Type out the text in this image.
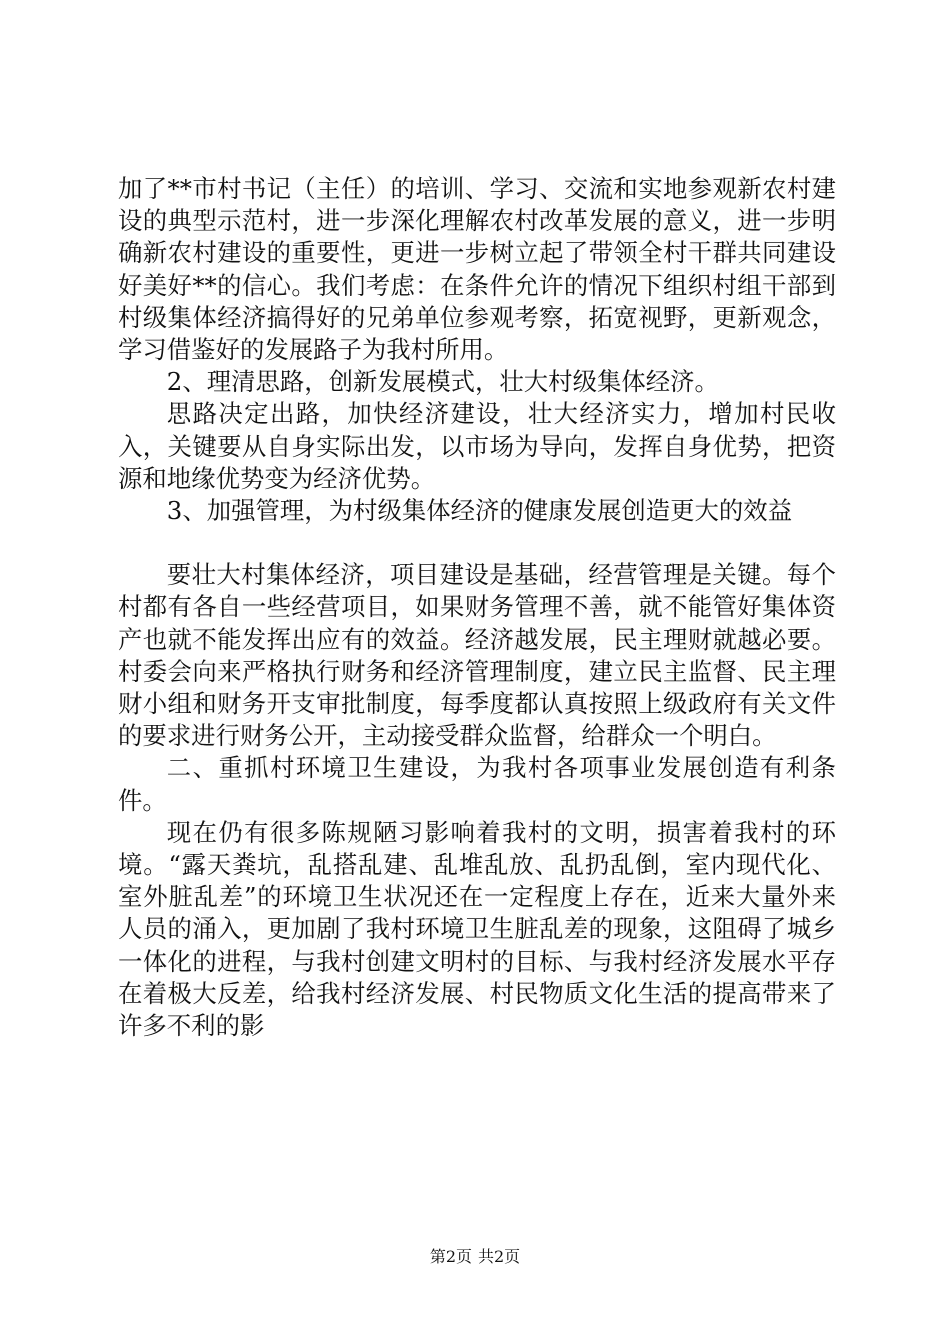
加了**市村书记（主任）的培训、学习、交流和实地参观新农村建设的典型示范村，进一步深化理解农村改革发展的意义，进一步明确新农村建设的重要性，更进一步树立起了带领全村干群共同建设好美好**的信心。我们考虑：在条件允许的情况下组织村组干部到村级集体经济搞得好的兄弟单位参观考察，拓宽视野，更新观念，学习借鉴好的发展路子为我村所用。

2、理清思路，创新发展模式，壮大村级集体经济。

思路决定出路，加快经济建设，壮大经济实力，增加村民收入，关键要从自身实际出发，以市场为导向，发挥自身优势，把资源和地缘优势变为经济优势。

3、加强管理，为村级集体经济的健康发展创造更大的效益

要壮大村集体经济，项目建设是基础，经营管理是关键。每个村都有各自一些经营项目，如果财务管理不善，就不能管好集体资产也就不能发挥出应有的效益。经济越发展，民主理财就越必要。村委会向来严格执行财务和经济管理制度，建立民主监督、民主理财小组和财务开支审批制度，每季度都认真按照上级政府有关文件的要求进行财务公开，主动接受群众监督，给群众一个明白。

二、重抓村环境卫生建设，为我村各项事业发展创造有利条件。

现在仍有很多陈规陋习影响着我村的文明，损害着我村的环境。“露天粪坑，乱搭乱建、乱堆乱放、乱扔乱倒，室内现代化、室外脏乱差”的环境卫生状况还在一定程度上存在，近来大量外来人员的涌入，更加剧了我村环境卫生脏乱差的现象，这阻碍了城乡一体化的进程，与我村创建文明村的目标、与我村经济发展水平存在着极大反差，给我村经济发展、村民物质文化生活的提高带来了许多不利的影

第2页 共2页
